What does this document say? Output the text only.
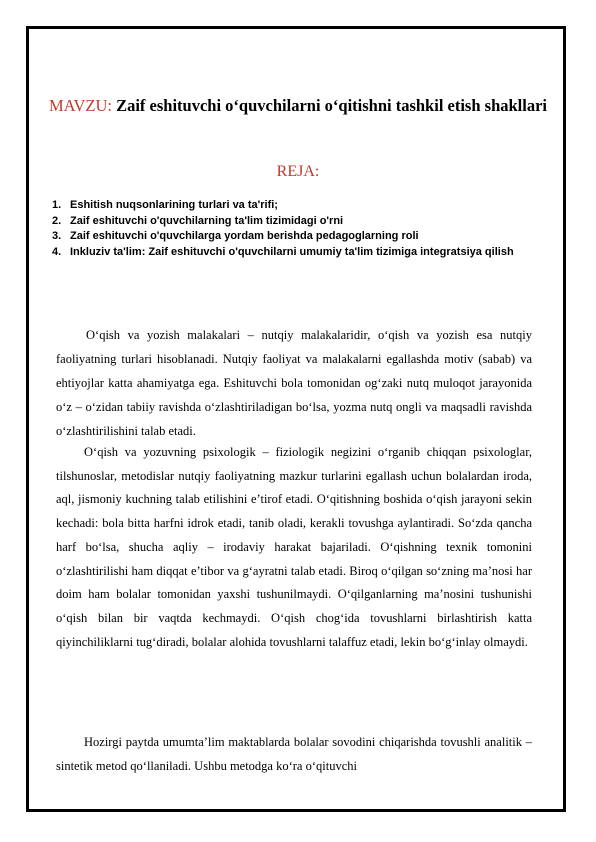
MAVZU: Zaif eshituvchi o‘quvchilarni o‘qitishni tashkil etish shakllari
REJA:
1. Eshitish nuqsonlarining turlari va ta'rifi;
2. Zaif eshituvchi o'quvchilarning ta'lim tizimidagi o'rni
3. Zaif eshituvchi o'quvchilarga yordam berishda pedagoglarning roli
4. Inkluziv ta'lim: Zaif eshituvchi o'quvchilarni umumiy ta'lim tizimiga integratsiya qilish

O‘qish va yozish malakalari – nutqiy malakalaridir, o‘qish va yozish esa nutqiy faoliyatning turlari hisoblanadi. Nutqiy faoliyat va malakalarni egallashda motiv (sabab) va ehtiyojlar katta ahamiyatga ega. Eshituvchi bola tomonidan og‘zaki nutq muloqot jarayonida o‘z – o‘zidan tabiiy ravishda o‘zlashtiriladigan bo‘lsa, yozma nutq ongli va maqsadli ravishda o‘zlashtirilishini talab etadi.

O‘qish va yozuvning psixologik – fiziologik negizini o‘rganib chiqqan psixologlar, tilshunoslar, metodislar nutqiy faoliyatning mazkur turlarini egallash uchun bolalardan iroda, aql, jismoniy kuchning talab etilishini e’tirof etadi. O‘qitishning boshida o‘qish jarayoni sekin kechadi: bola bitta harfni idrok etadi, tanib oladi, kerakli tovushga aylantiradi. So‘zda qancha harf bo‘lsa, shucha aqliy – irodaviy harakat bajariladi. O‘qishning texnik tomonini o‘zlashtirilishi ham diqqat e’tibor va g‘ayratni talab etadi. Biroq o‘qilgan so‘zning ma’nosi har doim ham bolalar tomonidan yaxshi tushunilmaydi. O‘qilganlarning ma’nosini tushunishi o‘qish bilan bir vaqtda kechmaydi. O‘qish chog‘ida tovushlarni birlashtirish katta qiyinchiliklarni tug‘diradi, bolalar alohida tovushlarni talaffuz etadi, lekin bo‘g‘inlay olmaydi.

Hozirgi paytda umumta’lim maktablarda bolalar sovodini chiqarishda tovushli analitik – sintetik metod qo‘llaniladi. Ushbu metodga ko‘ra o‘qituvchi
